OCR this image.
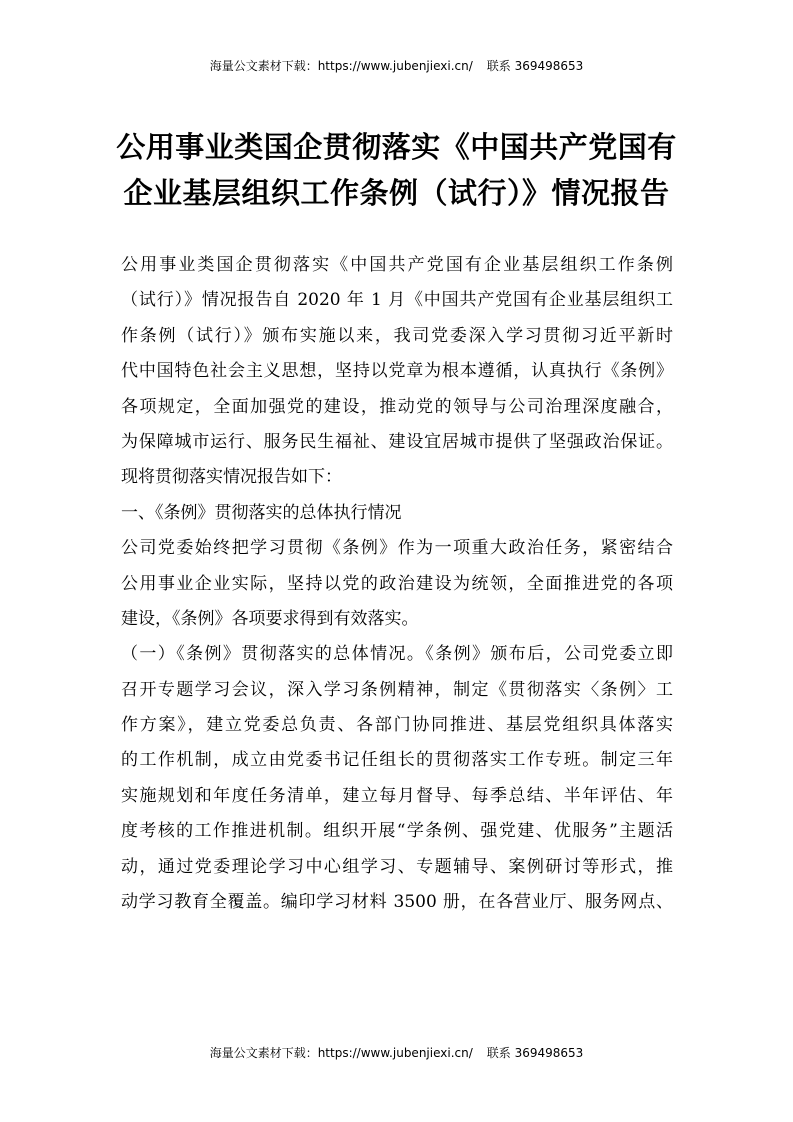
海量公文素材下载：https://www.jubenjiexi.cn/ 联系 369498653
公用事业类国企贯彻落实《中国共产党国有
企业基层组织工作条例（试行）》情况报告
公用事业类国企贯彻落实《中国共产党国有企业基层组织工作条例
（试行）》情况报告自 2020 年 1 月《中国共产党国有企业基层组织工
作条例（试行）》颁布实施以来，我司党委深入学习贯彻习近平新时
代中国特色社会主义思想，坚持以党章为根本遵循，认真执行《条例》
各项规定，全面加强党的建设，推动党的领导与公司治理深度融合，
为保障城市运行、服务民生福祉、建设宜居城市提供了坚强政治保证。
现将贯彻落实情况报告如下：
一、《条例》贯彻落实的总体执行情况
公司党委始终把学习贯彻《条例》作为一项重大政治任务，紧密结合
公用事业企业实际，坚持以党的政治建设为统领，全面推进党的各项
建设，《条例》各项要求得到有效落实。
（一）《条例》贯彻落实的总体情况。《条例》颁布后，公司党委立即
召开专题学习会议，深入学习条例精神，制定《贯彻落实〈条例〉工
作方案》，建立党委总负责、各部门协同推进、基层党组织具体落实
的工作机制，成立由党委书记任组长的贯彻落实工作专班。制定三年
实施规划和年度任务清单，建立每月督导、每季总结、半年评估、年
度考核的工作推进机制。组织开展“学条例、强党建、优服务”主题活
动，通过党委理论学习中心组学习、专题辅导、案例研讨等形式，推
动学习教育全覆盖。编印学习材料 3500 册，在各营业厅、服务网点、
海量公文素材下载：https://www.jubenjiexi.cn/ 联系 369498653
